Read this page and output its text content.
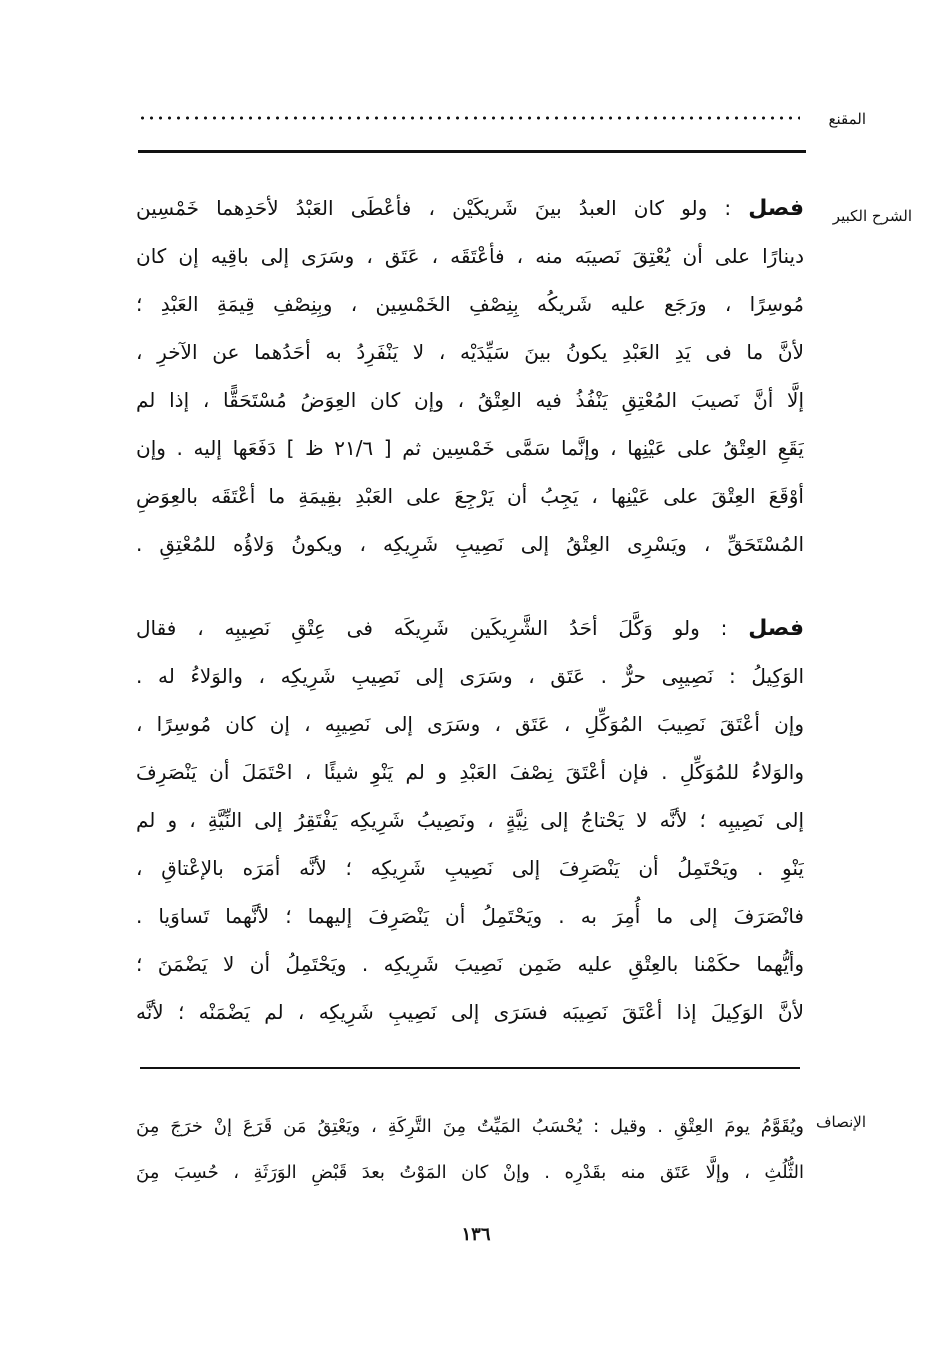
المقنع
الشرح الكبير
فصل : ولو كان العبدُ بينَ شَريكَيْن ، فأعْطَى العَبْدُ لأحَدِهما خَمْسِين
دينارًا على أن يُعْتِقَ نَصيبَه منه ، فأعْتَقَه ، عَتَق ، وسَرَى إلى باقِيه إن كان
مُوسِرًا ، ورَجَع عليه شَريكُه بِنِصْفِ الخَمْسِين ، وبِنِصْفِ قِيمَةِ العَبْدِ ؛
لأنَّ ما فى يَدِ العَبْدِ يكونُ بينَ سَيِّدَيْه ، لا يَنْفَرِدُ به أحَدُهما عن الآخرِ ،
إلَّا أنَّ نَصيبَ المُعْتِقِ يَنْفُذُ فيه العِتْقُ ، وإن كان العِوَضُ مُسْتَحَقًّا ، إذا لم
يَقَعِ العِتْقُ على عَيْنِها ، وإنَّما سَمَّى خَمْسِين ثم [ ٢١/٦ ظ ] دَفَعَها إليه . وإن
أوْقَعَ العِتْقَ على عَيْنِها ، يَجِبُ أن يَرْجِعَ على العَبْدِ بقِيمَةِ ما أعْتَقَه بالعِوَضِ
المُسْتَحَقِّ ، ويَسْرِى العِتْقُ إلى نَصِيبِ شَرِيكِه ، ويكونُ وَلاؤُه للمُعْتِقِ .
فصل : ولو وَكَّلَ أحَدُ الشَّرِيكَين شَرِيكَه فى عِتْقِ نَصِيبِه ، فقال
الوَكِيلُ : نَصِيبِى حرٌّ . عَتَق ، وسَرَى إلى نَصِيبِ شَرِيكِه ، والوَلاءُ له .
وإن أعْتَقَ نَصِيبَ المُوَكِّلِ ، عَتَق ، وسَرَى إلى نَصِيبِه ، إن كان مُوسِرًا ،
والوَلاءُ للمُوَكِّلِ . فإن أعْتَقَ نِصْفَ العَبْدِ و لم يَنْوِ شيئًا ، احْتَمَلَ أن يَنْصَرِفَ
إلى نَصِيبِه ؛ لأنَّه لا يَحْتاجُ إلى نِيَّةٍ ، ونَصِيبُ شَرِيكِه يَفْتَقِرُ إلى النِّيَّةِ ، و لم
يَنْوِ . ويَحْتَمِلُ أن يَنْصَرِفَ إلى نَصِيبِ شَرِيكِه ؛ لأنَّه أمَرَه بالإعْتاقِ ،
فانْصَرَفَ إلى ما أُمِرَ به . ويَحْتَمِلُ أن يَنْصَرِفَ إليهما ؛ لأنَّهما تَساوَيا .
وأيُّهما حكَمْنا بالعِتْقِ عليه ضَمِن نَصِيبَ شَرِيكِه . ويَحْتَمِلُ أن لا يَضْمَنَ ؛
لأنَّ الوَكِيلَ إذا أعْتَقَ نَصِيبَه فسَرَى إلى نَصِيبِ شَرِيكِه ، لم يَضْمَنْه ؛ لأنَّه
الإنصاف
ويُقَوَّمُ يومَ العِتْقِ . وقيل : يُحْسَبُ المَيِّتُ مِنَ التَّرِكَةِ ، ويَعْتِقُ مَن قَرَعَ إنْ خرَجَ مِنَ
الثُّلُثِ ، وإلَّا عَتَق منه بقَدْرِه . وإنْ كان المَوْتُ بعدَ قَبْضِ الوَرَثَةِ ، حُسِبَ مِنَ
١٣٦
